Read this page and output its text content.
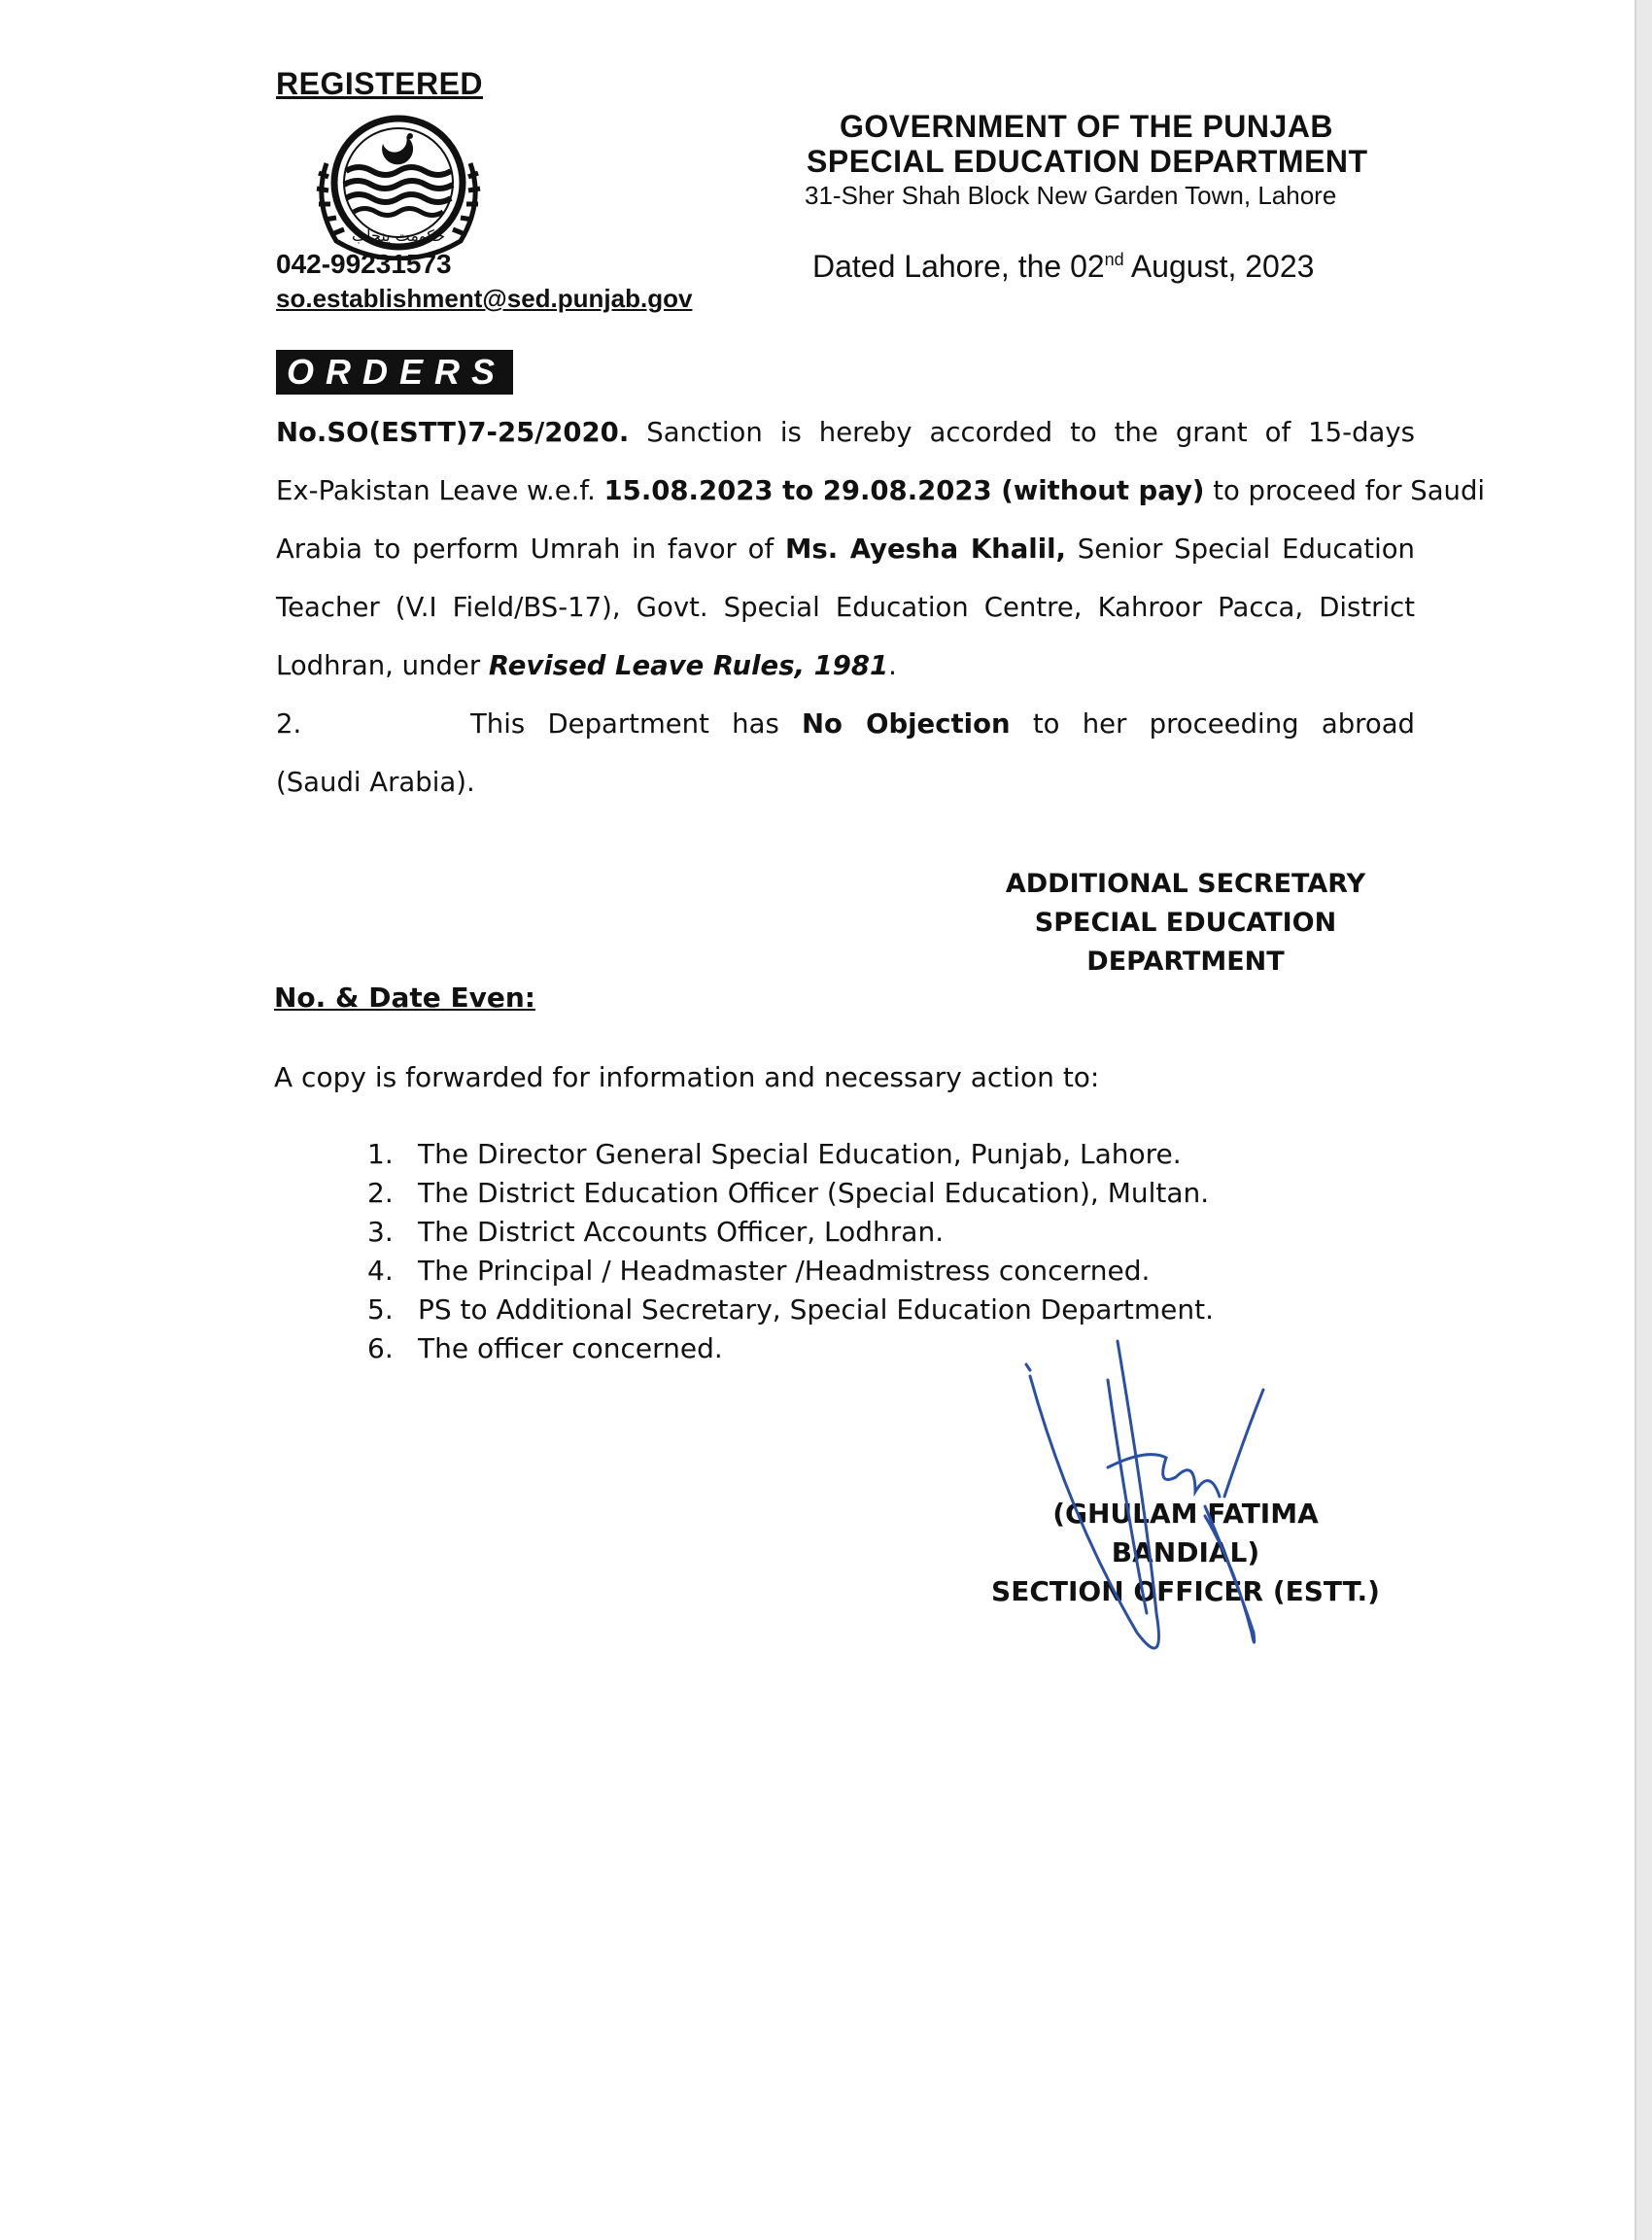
REGISTERED
حکومت پنجاب
042-99231573
so.establishment@sed.punjab.gov
GOVERNMENT OF THE PUNJAB
SPECIAL EDUCATION DEPARTMENT
31-Sher Shah Block New Garden Town, Lahore
Dated Lahore, the 02nd August, 2023
ORDERS
No.SO(ESTT)7-25/2020. Sanction is hereby accorded to the grant of 15-days
Ex-Pakistan Leave w.e.f. 15.08.2023 to 29.08.2023 (without pay) to proceed for Saudi
Arabia to perform Umrah in favor of Ms. Ayesha Khalil, Senior Special Education
Teacher (V.I Field/BS-17), Govt. Special Education Centre, Kahroor Pacca, District
Lodhran, under Revised Leave Rules, 1981.
2.	This Department has No Objection to her proceeding abroad
(Saudi Arabia).
ADDITIONAL SECRETARY
SPECIAL EDUCATION
DEPARTMENT
No. & Date Even:
A copy is forwarded for information and necessary action to:
1. The Director General Special Education, Punjab, Lahore.
2. The District Education Officer (Special Education), Multan.
3. The District Accounts Officer, Lodhran.
4. The Principal / Headmaster /Headmistress concerned.
5. PS to Additional Secretary, Special Education Department.
6. The officer concerned.
(GHULAM FATIMA BANDIAL)
SECTION OFFICER (ESTT.)
